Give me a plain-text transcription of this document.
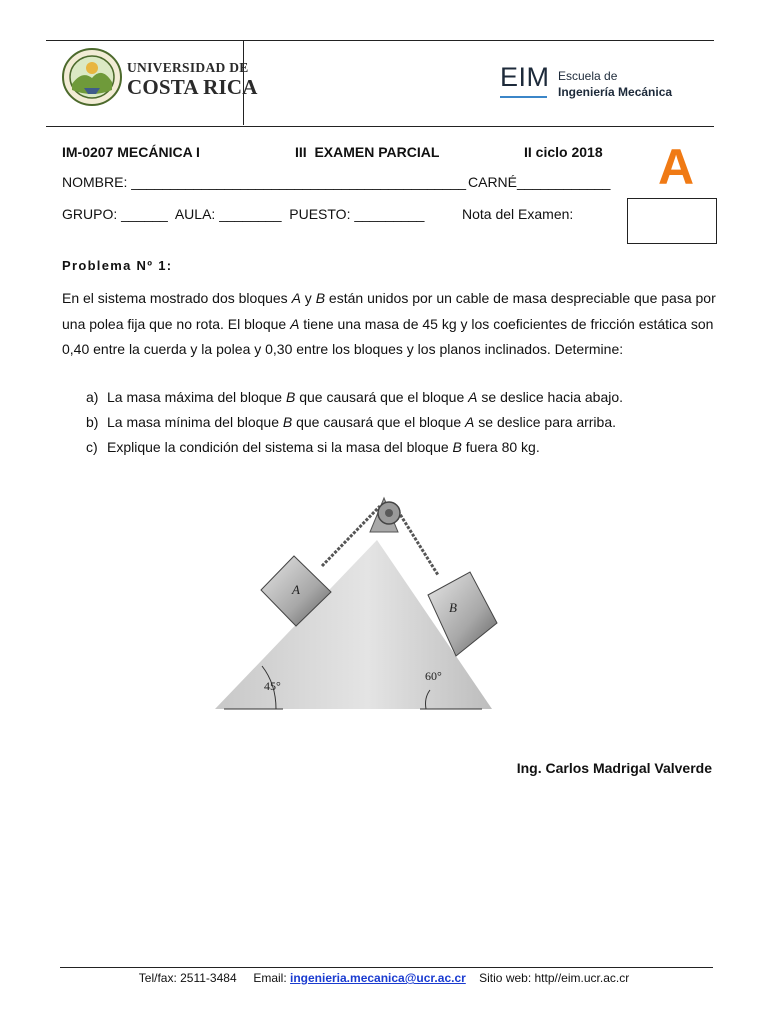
UNIVERSIDAD DE
COSTA RICA	EIM Escuela de
Ingeniería Mecánica
IM-0207 MECÁNICA I	III  EXAMEN PARCIAL	II ciclo 2018 A
NOMBRE: ___________________________________________ CARNÉ____________
GRUPO: ______  AULA: ________  PUESTO: _________	Nota del Examen:
Problema Nº 1:
En el sistema mostrado dos bloques A y B están unidos por un cable de masa despreciable que pasa por una polea fija que no rota. El bloque A tiene una masa de 45 kg y los coeficientes de fricción estática son 0,40 entre la cuerda y la polea y 0,30 entre los bloques y los planos inclinados. Determine:
a) La masa máxima del bloque B que causará que el bloque A se deslice hacia abajo.
b) La masa mínima del bloque B que causará que el bloque A se deslice para arriba.
c) Explique la condición del sistema si la masa del bloque B fuera 80 kg.
A
B
45°
60°
Ing. Carlos Madrigal Valverde
Tel/fax: 2511-3484 Email: ingenieria.mecanica@ucr.ac.cr Sitio web: http//eim.ucr.ac.cr
